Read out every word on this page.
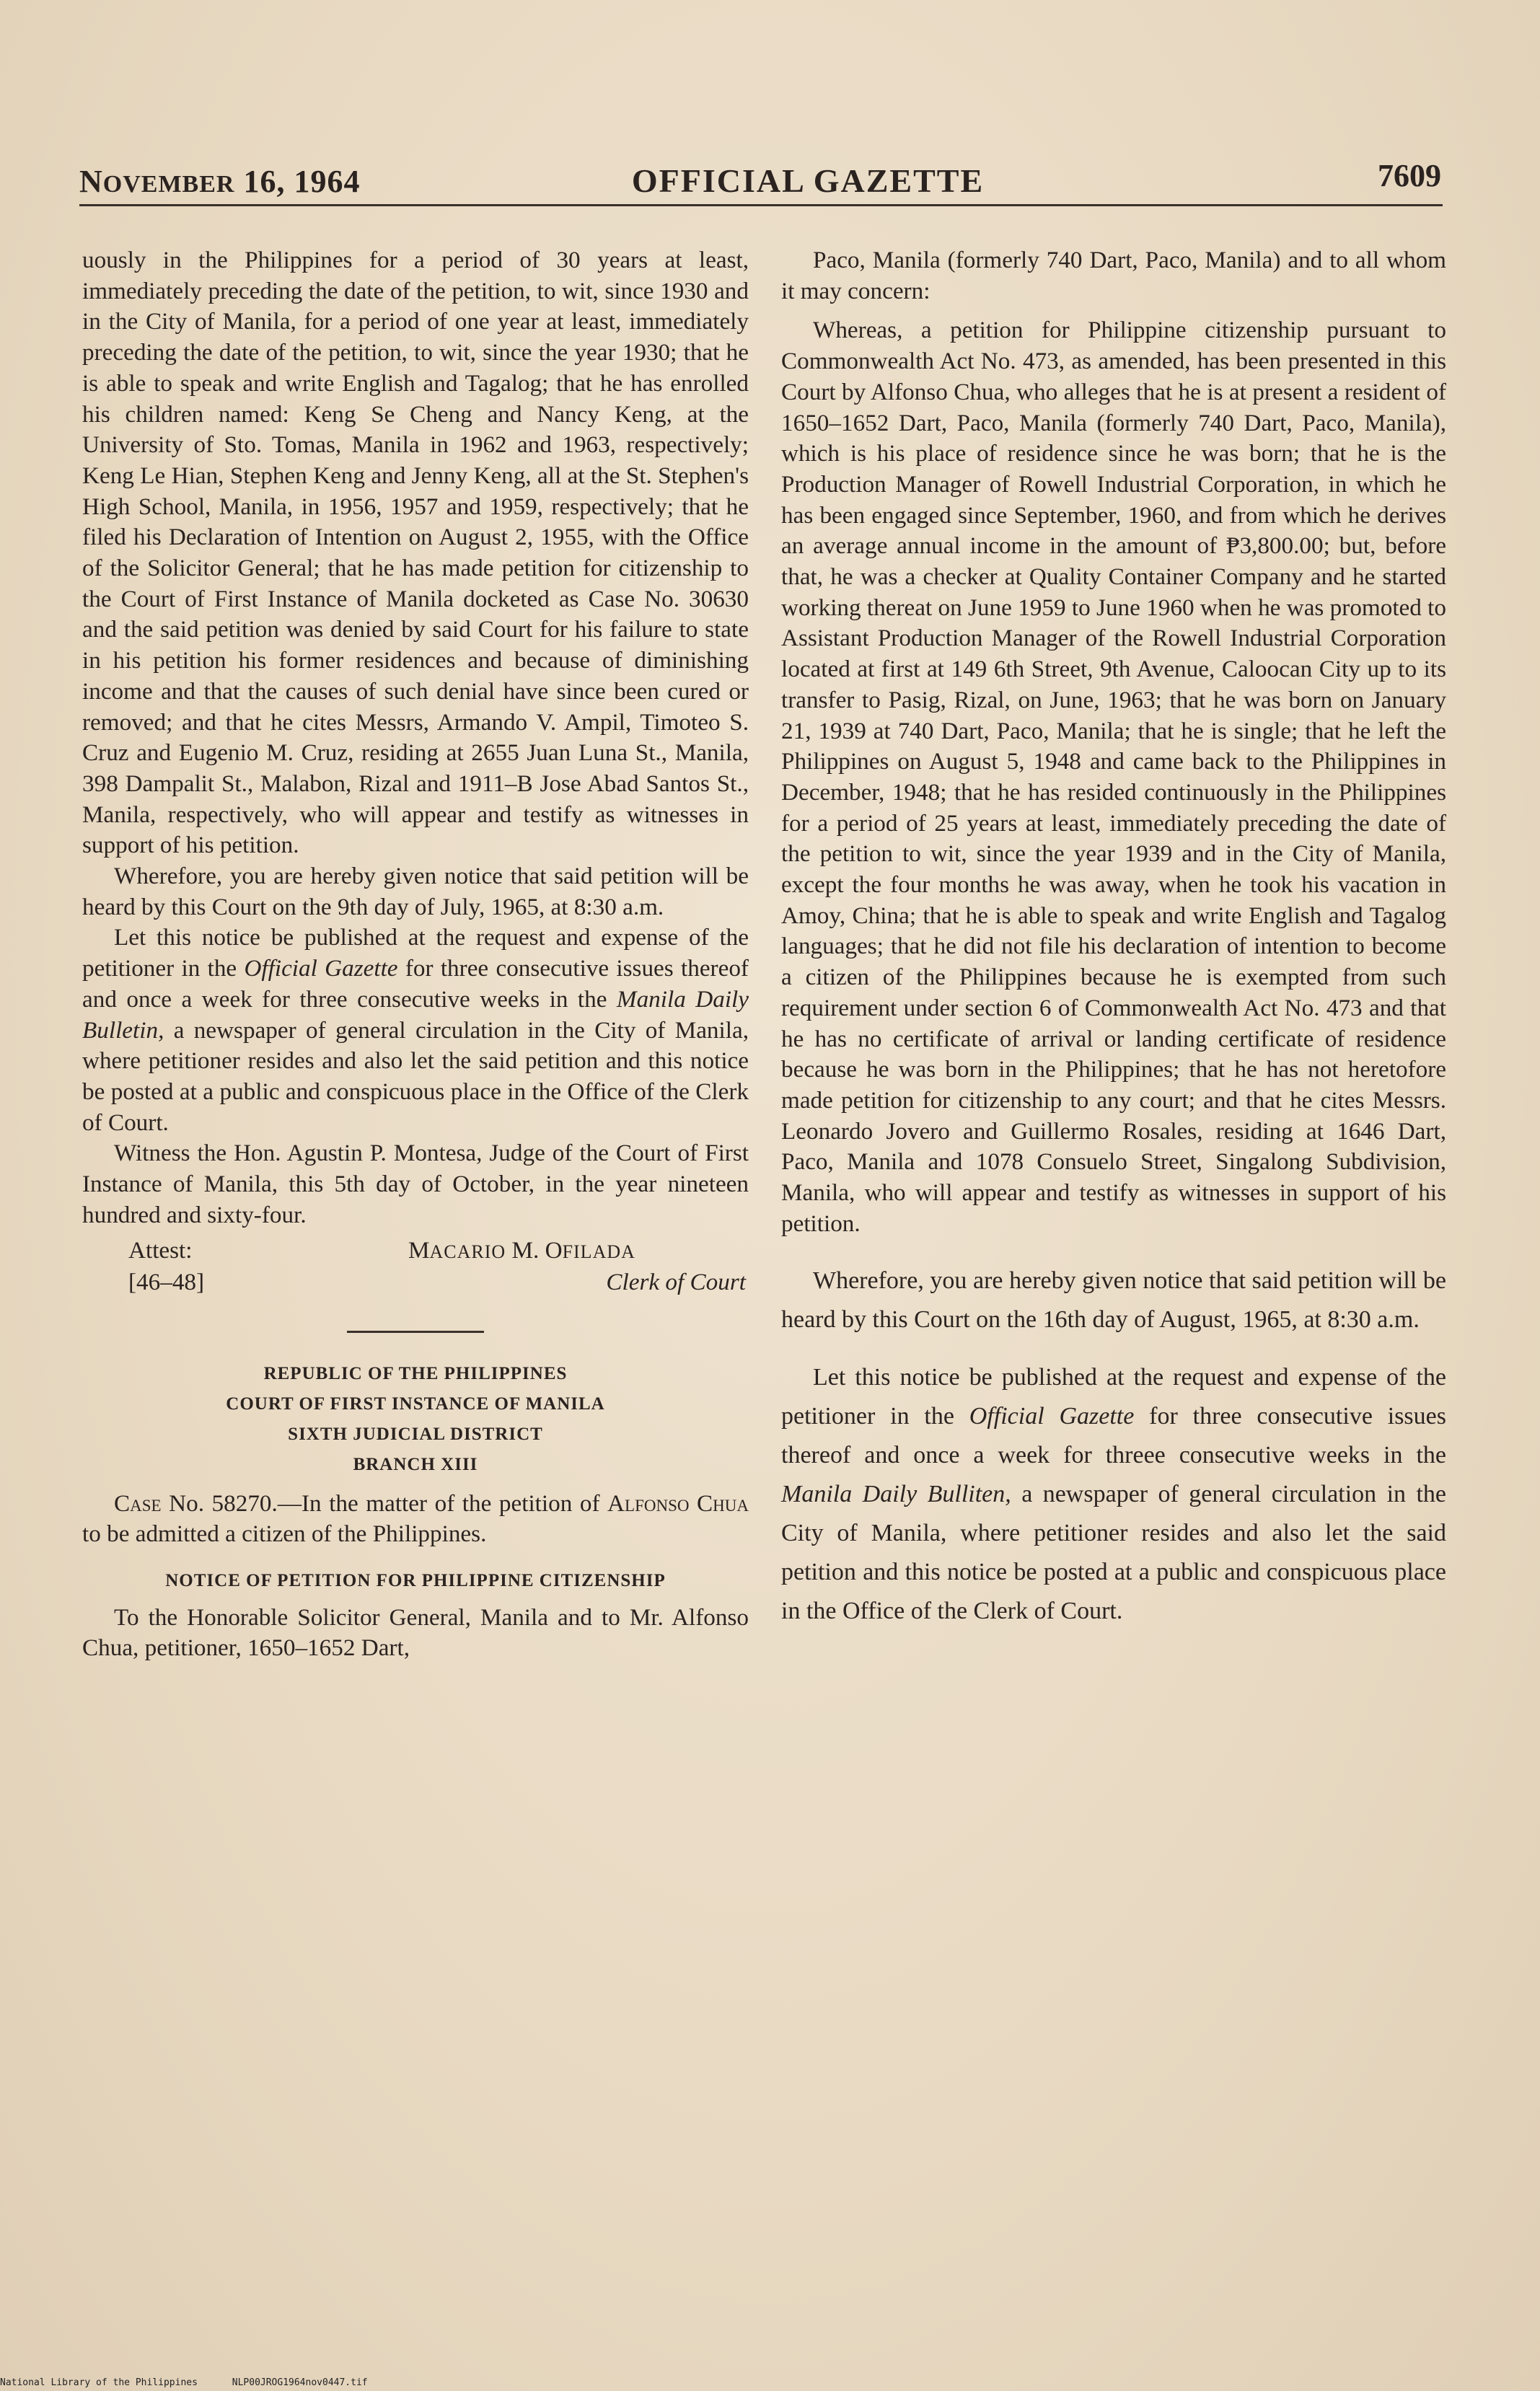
NOVEMBER 16, 1964	OFFICIAL GAZETTE	7609

uously in the Philippines for a period of 30 years at least, immediately preceding the date of the petition, to wit, since 1930 and in the City of Manila, for a period of one year at least, immediately preceding the date of the petition, to wit, since the year 1930; that he is able to speak and write English and Tagalog; that he has enrolled his children named: Keng Se Cheng and Nancy Keng, at the University of Sto. Tomas, Manila in 1962 and 1963, respectively; Keng Le Hian, Stephen Keng and Jenny Keng, all at the St. Stephen's High School, Manila, in 1956, 1957 and 1959, respectively; that he filed his Declaration of Intention on August 2, 1955, with the Office of the Solicitor General; that he has made petition for citizenship to the Court of First Instance of Manila docketed as Case No. 30630 and the said petition was denied by said Court for his failure to state in his petition his former residences and because of diminishing income and that the causes of such denial have since been cured or removed; and that he cites Messrs, Armando V. Ampil, Timoteo S. Cruz and Eugenio M. Cruz, residing at 2655 Juan Luna St., Manila, 398 Dampalit St., Malabon, Rizal and 1911–B Jose Abad Santos St., Manila, respectively, who will appear and testify as witnesses in support of his petition.

Wherefore, you are hereby given notice that said petition will be heard by this Court on the 9th day of July, 1965, at 8:30 a.m.

Let this notice be published at the request and expense of the petitioner in the Official Gazette for three consecutive issues thereof and once a week for three consecutive weeks in the Manila Daily Bulletin, a newspaper of general circulation in the City of Manila, where petitioner resides and also let the said petition and this notice be posted at a public and conspicuous place in the Office of the Clerk of Court.

Witness the Hon. Agustin P. Montesa, Judge of the Court of First Instance of Manila, this 5th day of October, in the year nineteen hundred and sixty-four.

Attest:
[46–48]
MACARIO M. OFILADA
Clerk of Court
REPUBLIC OF THE PHILIPPINES
COURT OF FIRST INSTANCE OF MANILA
SIXTH JUDICIAL DISTRICT
BRANCH XIII

Case No. 58270.—In the matter of the petition of Alfonso Chua to be admitted a citizen of the Philippines.

NOTICE OF PETITION FOR PHILIPPINE CITIZENSHIP

To the Honorable Solicitor General, Manila and to Mr. Alfonso Chua, petitioner, 1650–1652 Dart,

Paco, Manila (formerly 740 Dart, Paco, Manila) and to all whom it may concern:

Whereas, a petition for Philippine citizenship pursuant to Commonwealth Act No. 473, as amended, has been presented in this Court by Alfonso Chua, who alleges that he is at present a resident of 1650–1652 Dart, Paco, Manila (formerly 740 Dart, Paco, Manila), which is his place of residence since he was born; that he is the Production Manager of Rowell Industrial Corporation, in which he has been engaged since September, 1960, and from which he derives an average annual income in the amount of ₱3,800.00; but, before that, he was a checker at Quality Container Company and he started working thereat on June 1959 to June 1960 when he was promoted to Assistant Production Manager of the Rowell Industrial Corporation located at first at 149 6th Street, 9th Avenue, Caloocan City up to its transfer to Pasig, Rizal, on June, 1963; that he was born on January 21, 1939 at 740 Dart, Paco, Manila; that he is single; that he left the Philippines on August 5, 1948 and came back to the Philippines in December, 1948; that he has resided continuously in the Philippines for a period of 25 years at least, immediately preceding the date of the petition to wit, since the year 1939 and in the City of Manila, except the four months he was away, when he took his vacation in Amoy, China; that he is able to speak and write English and Tagalog languages; that he did not file his declaration of intention to become a citizen of the Philippines because he is exempted from such requirement under section 6 of Commonwealth Act No. 473 and that he has no certificate of arrival or landing certificate of residence because he was born in the Philippines; that he has not heretofore made petition for citizenship to any court; and that he cites Messrs. Leonardo Jovero and Guillermo Rosales, residing at 1646 Dart, Paco, Manila and 1078 Consuelo Street, Singalong Subdivision, Manila, who will appear and testify as witnesses in support of his petition.

Wherefore, you are hereby given notice that said petition will be heard by this Court on the 16th day of August, 1965, at 8:30 a.m.

Let this notice be published at the request and expense of the petitioner in the Official Gazette for three consecutive issues thereof and once a week for threee consecutive weeks in the Manila Daily Bulliten, a newspaper of general circulation in the City of Manila, where petitioner resides and also let the said petition and this notice be posted at a public and conspicuous place in the Office of the Clerk of Court.

National Library of the Philippines	NLP00JROG1964nov0447.tif
